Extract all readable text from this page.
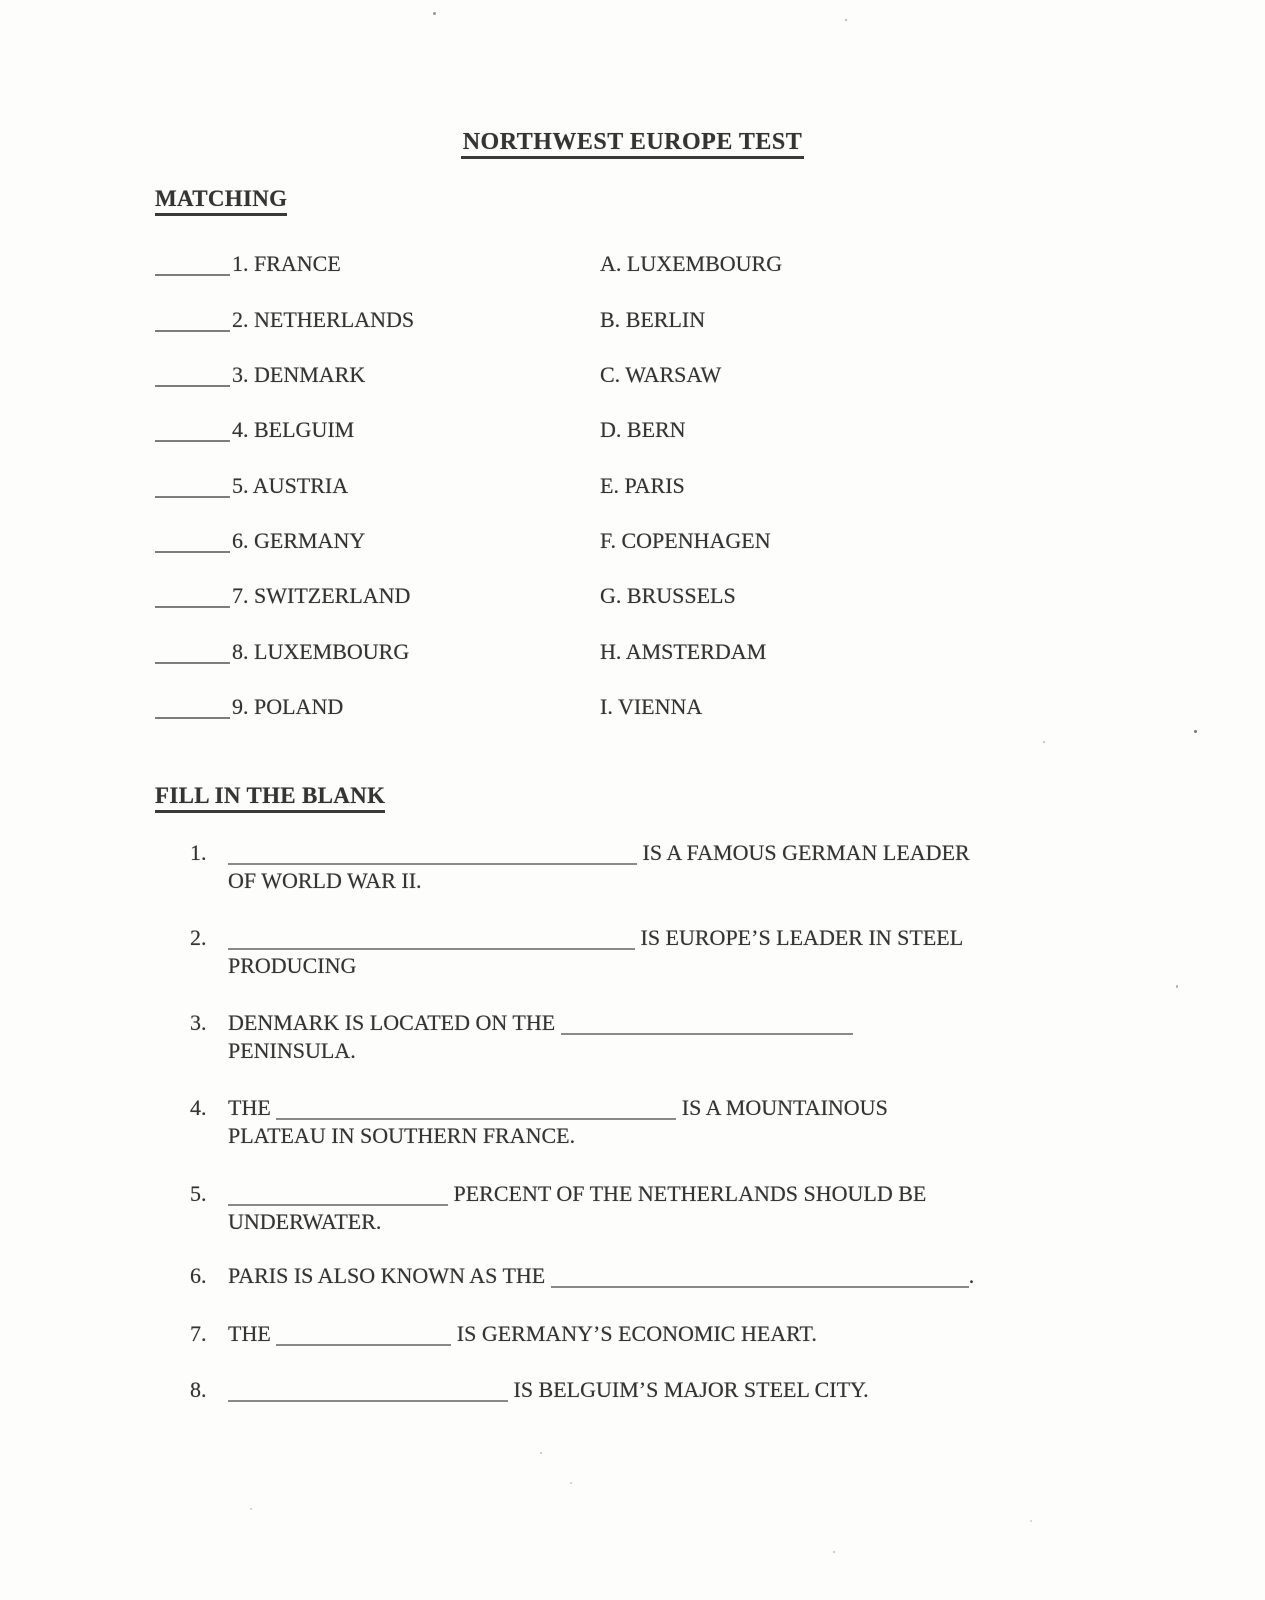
NORTHWEST EUROPE TEST
MATCHING
1. FRANCE	A. LUXEMBOURG
2. NETHERLANDS	B. BERLIN
3. DENMARK	C. WARSAW
4. BELGUIM	D. BERN
5. AUSTRIA	E. PARIS
6. GERMANY	F. COPENHAGEN
7. SWITZERLAND	G. BRUSSELS
8. LUXEMBOURG	H. AMSTERDAM
9. POLAND	I. VIENNA
FILL IN THE BLANK
1.	IS A FAMOUS GERMAN LEADER
OF WORLD WAR II.
2.	IS EUROPE’S LEADER IN STEEL
PRODUCING
3. DENMARK IS LOCATED ON THE
PENINSULA.
4. THE	IS A MOUNTAINOUS
PLATEAU IN SOUTHERN FRANCE.
5.	PERCENT OF THE NETHERLANDS SHOULD BE
UNDERWATER.
6. PARIS IS ALSO KNOWN AS THE	.
7. THE	IS GERMANY’S ECONOMIC HEART.
8.	IS BELGUIM’S MAJOR STEEL CITY.
